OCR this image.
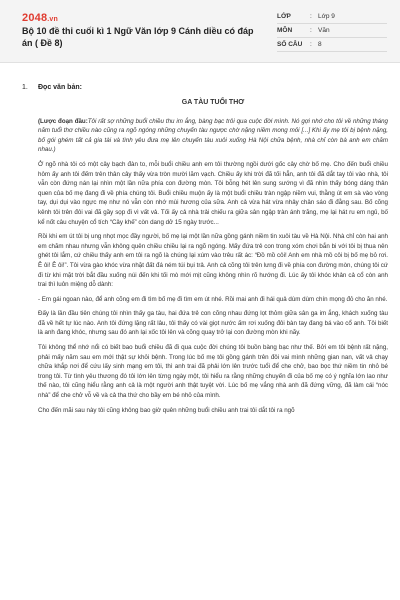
2048.vn
Bộ 10 đề thi cuối kì 1 Ngữ Văn lớp 9 Cánh diều có đáp án ( Đề 8)
LỚP	: Lớp 9
MÔN	: Văn
SỐ CÂU	: 8
1. Đọc văn bản:

GA TÀU TUỔI THƠ

(Lược đoạn đầu:Tôi rất sợ những buổi chiều thu im ắng, bàng bạc trôi qua cuộc đời mình. Nó gợi nhớ cho tôi về những tháng năm tuổi thơ chiều nào cũng ra ngõ ngóng những chuyến tàu ngược chờ nặng niềm mong mỏi [...] Khi ấy mẹ tôi bị bệnh nặng, bố gói ghém tất cả gia tài và tình yêu đưa mẹ lên chuyến tàu xuôi xuống Hà Nội chữa bệnh, nhà chỉ còn bà anh em chăm nhau.)

Ở ngõ nhà tôi có một cây bạch đàn to, mỗi buổi chiều anh em tôi thường ngồi dưới gốc cây chờ bố mẹ. Cho đến buổi chiều hôm ấy anh tôi đếm trên thân cây thấy vừa tròn mười lăm vạch. Chiều ấy khi trời đã tối hẳn, anh tôi đã dắt tay tôi vào nhà, tôi vẫn còn đứng nán lại nhìn một lần nữa phía con đường mòn. Tôi bỗng hét lên sung sướng vì đã nhìn thấy bóng dáng thân quen của bố mẹ đang đi về phía chúng tôi. Buổi chiều muộn ấy là một buổi chiều tràn ngập niềm vui, thằng út em sà vào vòng tay, dụi dụi vào ngực mẹ như nó vẫn còn nhớ mùi hương của sữa. Anh cả vừa hát vừa nhảy chân sáo đi đằng sau. Bố cõng kênh tôi trên đôi vai đã gầy sọp đi vì vất vả. Tối ấy cả nhà trải chiếu ra giữa sân ngập tràn ánh trăng, mẹ lại hát ru em ngủ, bố kể nốt câu chuyện cổ tích “Cây khế” còn dang dở 15 ngày trước...

Rồi khi em út tôi bị ung nhọt mọc đầy người, bố mẹ lại một lần nữa gồng gánh niềm tin xuôi tàu về Hà Nội. Nhà chỉ còn hai anh em chăm nhau nhưng vẫn không quên chiều chiều lại ra ngõ ngóng. Mấy đứa trẻ con trong xóm chơi bắn bi với tôi bị thua nên ghét tôi lắm, cứ chiều thấy anh em tôi ra ngõ là chúng lại xúm vào trêu rất ác: “Đồ mồ côi! Anh em nhà mồ côi bị bố mẹ bỏ rơi. Ê ôi! Ê ôi!”. Tôi vừa gào khóc vừa nhặt đất đá ném túi bụi trả. Anh cả cõng tôi trên lưng đi về phía con đường mòn, chúng tôi cứ đi từ khi mặt trời bắt đầu xuống núi đến khi tối mò mới mịt cũng không nhìn rõ hướng đi. Lúc ấy tôi khóc khản cả cổ còn anh trai thì luôn miệng dỗ dành:

- Em gái ngoan nào, để anh cõng em đi tìm bố mẹ đi tìm em út nhé. Rồi mai anh đi hái quả dùm dùm chín mọng đỏ cho ăn nhé.

Đấy là lần đầu tiên chúng tôi nhìn thấy ga tàu, hai đứa trẻ con cõng nhau đứng lọt thỏm giữa sân ga im ắng, khách xuống tàu đã về hết tự lúc nào. Anh tôi đứng lặng rất lâu, tôi thấy có vài giọt nước ấm rơi xuống đôi bàn tay đang bá vào cổ anh. Tôi biết là anh đang khóc, nhưng sau đó anh lại xốc tôi lên và cõng quay trở lại con đường mòn khi nãy.

Tôi không thể nhớ nổi có biết bao buổi chiều đã đi qua cuộc đời chúng tôi buồn bàng bạc như thế. Bởi em tôi bệnh rất nặng, phải mấy năm sau em mới thật sự khỏi bệnh. Trong lúc bố mẹ tôi gồng gánh trên đôi vai mình những gian nan, vất vả chạy chữa khắp nơi để cứu lấy sinh mạng em tôi, thì anh trai đã phải lớn lên trước tuổi để che chở, bao bọc thứ niềm tin nhỏ bé trong tôi. Từ tình yêu thương đó tôi lớn lên từng ngày một, tôi hiểu ra rằng những chuyến đi của bố mẹ có ý nghĩa lớn lao như thế nào, tôi cũng hiểu rằng anh cả là một người anh thật tuyệt vời. Lúc bố mẹ vắng nhà anh đã đứng vững, đã làm cái “nóc nhà” để che chở vỗ về và cả tha thứ cho bầy em bé nhỏ của mình.

Cho đến mãi sau này tôi cũng không bao giờ quên những buổi chiều anh trai tôi dắt tôi ra ngõ
